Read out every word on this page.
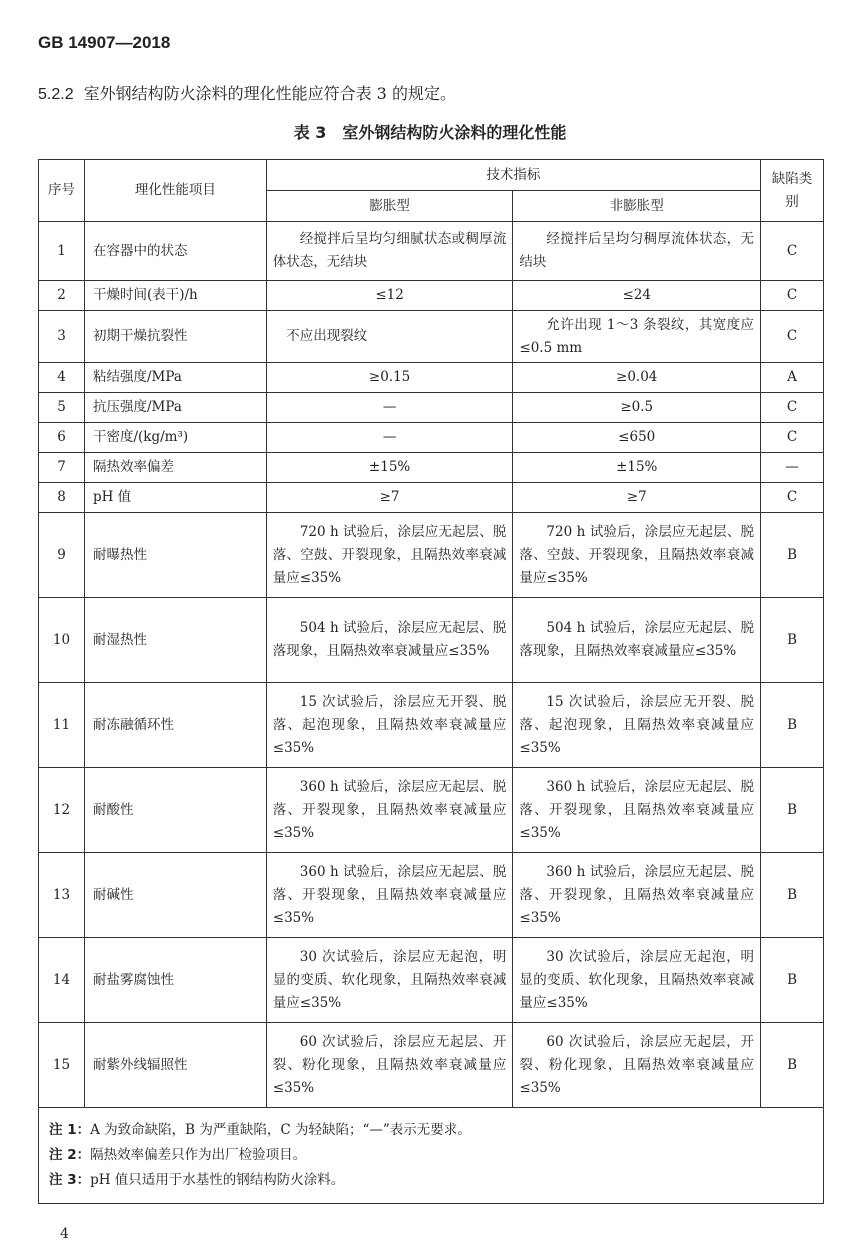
GB 14907—2018
5.2.2 室外钢结构防火涂料的理化性能应符合表 3 的规定。
表 3 室外钢结构防火涂料的理化性能
序号	理化性能项目	技术指标		缺陷类别
		膨胀型	非膨胀型	
1	在容器中的状态	经搅拌后呈均匀细腻状态或稠厚流体状态，无结块	经搅拌后呈均匀稠厚流体状态，无结块	C
2	干燥时间(表干)/h	≤12	≤24	C
3	初期干燥抗裂性	不应出现裂纹	允许出现 1～3 条裂纹，其宽度应≤0.5 mm	C
4	粘结强度/MPa	≥0.15	≥0.04	A
5	抗压强度/MPa	—	≥0.5	C
6	干密度/(kg/m³)	—	≤650	C
7	隔热效率偏差	±15%	±15%	—
8	pH 值	≥7	≥7	C
9	耐曝热性	720 h 试验后，涂层应无起层、脱落、空鼓、开裂现象，且隔热效率衰减量应≤35%	720 h 试验后，涂层应无起层、脱落、空鼓、开裂现象，且隔热效率衰减量应≤35%	B
10	耐湿热性	504 h 试验后，涂层应无起层、脱落现象，且隔热效率衰减量应≤35%	504 h 试验后，涂层应无起层、脱落现象，且隔热效率衰减量应≤35%	B
11	耐冻融循环性	15 次试验后，涂层应无开裂、脱落、起泡现象，且隔热效率衰减量应≤35%	15 次试验后，涂层应无开裂、脱落、起泡现象，且隔热效率衰减量应≤35%	B
12	耐酸性	360 h 试验后，涂层应无起层、脱落、开裂现象，且隔热效率衰减量应≤35%	360 h 试验后，涂层应无起层、脱落、开裂现象，且隔热效率衰减量应≤35%	B
13	耐碱性	360 h 试验后，涂层应无起层、脱落、开裂现象，且隔热效率衰减量应≤35%	360 h 试验后，涂层应无起层、脱落、开裂现象，且隔热效率衰减量应≤35%	B
14	耐盐雾腐蚀性	30 次试验后，涂层应无起泡，明显的变质、软化现象，且隔热效率衰减量应≤35%	30 次试验后，涂层应无起泡，明显的变质、软化现象，且隔热效率衰减量应≤35%	B
15	耐紫外线辐照性	60 次试验后，涂层应无起层、开裂、粉化现象，且隔热效率衰减量应≤35%	60 次试验后，涂层应无起层，开裂、粉化现象，且隔热效率衰减量应≤35%	B

注 1：A 为致命缺陷，B 为严重缺陷，C 为轻缺陷；“—”表示无要求。
注 2：隔热效率偏差只作为出厂检验项目。
注 3：pH 值只适用于水基性的钢结构防火涂料。				
4
